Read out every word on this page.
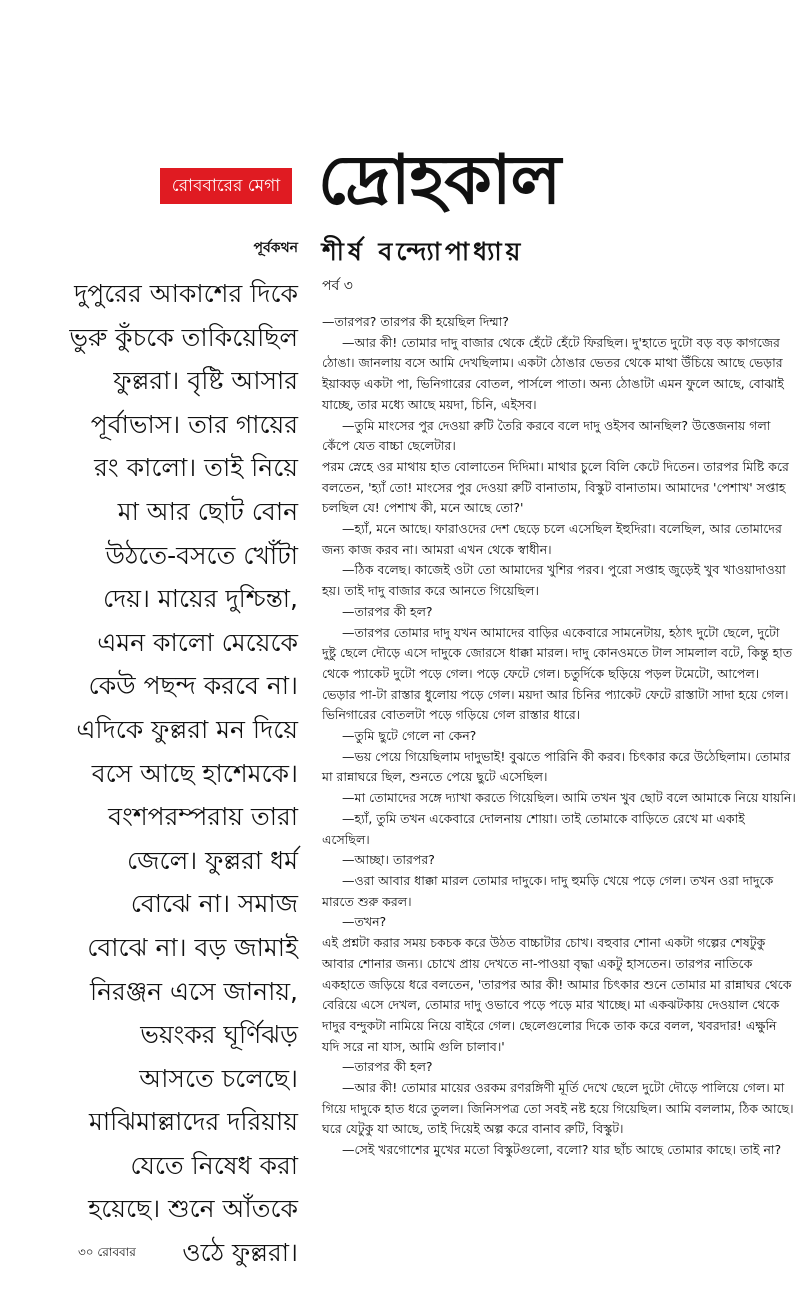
রোববারের মেগা দ্রোহকাল
শীর্ষ বন্দ্যোপাধ্যায়
পর্ব ৩
পূর্বকথন
দুপুরের আকাশের দিকে
ভুরু কুঁচকে তাকিয়েছিল
ফুল্লরা। বৃষ্টি আসার
পূর্বাভাস। তার গায়ের
রং কালো। তাই নিয়ে
মা আর ছোট বোন
উঠতে-বসতে খোঁটা
দেয়। মায়ের দুশ্চিন্তা,
এমন কালো মেয়েকে
কেউ পছন্দ করবে না।
এদিকে ফুল্লরা মন দিয়ে
বসে আছে হাশেমকে।
বংশপরম্পরায় তারা
জেলে। ফুল্লরা ধর্ম
বোঝে না। সমাজ
বোঝে না। বড় জামাই
নিরঞ্জন এসে জানায়,
ভয়ংকর ঘূর্ণিঝড়
আসতে চলেছে।
মাঝিমাল্লাদের দরিয়ায়
যেতে নিষেধ করা
হয়েছে। শুনে আঁতকে
ওঠে ফুল্লরা।
—তারপর? তারপর কী হয়েছিল দিম্মা?
—আর কী! তোমার দাদু বাজার থেকে হেঁটে হেঁটে ফিরছিল। দু'হাতে দুটো বড় বড় কাগজের ঠোঙা। জানলায় বসে আমি দেখছিলাম। একটা ঠোঙার ভেতর থেকে মাথা উঁচিয়ে আছে ভেড়ার ইয়াব্বড় একটা পা, ভিনিগারের বোতল, পার্সলে পাতা। অন্য ঠোঙাটা এমন ফুলে আছে, বোঝাই যাচ্ছে, তার মধ্যে আছে ময়দা, চিনি, এইসব।
—তুমি মাংসের পুর দেওয়া রুটি তৈরি করবে বলে দাদু ওইসব আনছিল? উত্তেজনায় গলা কেঁপে যেত বাচ্চা ছেলেটার।
পরম স্নেহে ওর মাথায় হাত বোলাতেন দিদিমা। মাথার চুলে বিলি কেটে দিতেন। তারপর মিষ্টি করে বলতেন, 'হ্যাঁ তো! মাংসের পুর দেওয়া রুটি বানাতাম, বিস্কুট বানাতাম। আমাদের 'পেশাখ' সপ্তাহ চলছিল যে! পেশাখ কী, মনে আছে তো?'
—হ্যাঁ, মনে আছে। ফারাওদের দেশ ছেড়ে চলে এসেছিল ইহুদিরা। বলেছিল, আর তোমাদের জন্য কাজ করব না। আমরা এখন থেকে স্বাধীন।
—ঠিক বলেছ। কাজেই ওটা তো আমাদের খুশির পরব। পুরো সপ্তাহ জুড়েই খুব খাওয়াদাওয়া হয়। তাই দাদু বাজার করে আনতে গিয়েছিল।
—তারপর কী হল?
—তারপর তোমার দাদু যখন আমাদের বাড়ির একেবারে সামনেটায়, হঠাৎ দুটো ছেলে, দুটো দুষ্টু ছেলে দৌড়ে এসে দাদুকে জোরসে ধাক্কা মারল। দাদু কোনওমতে টাল সামলাল বটে, কিন্তু হাত থেকে প্যাকেট দুটো পড়ে গেল। পড়ে ফেটে গেল। চতুর্দিকে ছড়িয়ে পড়ল টমেটো, আপেল। ভেড়ার পা-টা রাস্তার ধুলোয় পড়ে গেল। ময়দা আর চিনির প্যাকেট ফেটে রাস্তাটা সাদা হয়ে গেল। ভিনিগারের বোতলটা পড়ে গড়িয়ে গেল রাস্তার ধারে।
—তুমি ছুটে গেলে না কেন?
—ভয় পেয়ে গিয়েছিলাম দাদুভাই! বুঝতে পারিনি কী করব। চিৎকার করে উঠেছিলাম। তোমার মা রান্নাঘরে ছিল, শুনতে পেয়ে ছুটে এসেছিল।
—মা তোমাদের সঙ্গে দ্যাখা করতে গিয়েছিল। আমি তখন খুব ছোট বলে আমাকে নিয়ে যায়নি।
—হ্যাঁ, তুমি তখন একেবারে দোলনায় শোয়া। তাই তোমাকে বাড়িতে রেখে মা একাই এসেছিল।
—আচ্ছা। তারপর?
—ওরা আবার ধাক্কা মারল তোমার দাদুকে। দাদু হুমড়ি খেয়ে পড়ে গেল। তখন ওরা দাদুকে মারতে শুরু করল।
—তখন?
এই প্রশ্নটা করার সময় চকচক করে উঠত বাচ্চাটার চোখ। বহুবার শোনা একটা গল্পের শেষটুকু আবার শোনার জন্য। চোখে প্রায় দেখতে না-পাওয়া বৃদ্ধা একটু হাসতেন। তারপর নাতিকে একহাতে জড়িয়ে ধরে বলতেন, 'তারপর আর কী! আমার চিৎকার শুনে তোমার মা রান্নাঘর থেকে বেরিয়ে এসে দেখল, তোমার দাদু ওভাবে পড়ে পড়ে মার খাচ্ছে। মা একঝটকায় দেওয়াল থেকে দাদুর বন্দুকটা নামিয়ে নিয়ে বাইরে গেল। ছেলেগুলোর দিকে তাক করে বলল, খবরদার! এক্ষুনি যদি সরে না যাস, আমি গুলি চালাব।'
—তারপর কী হল?
—আর কী! তোমার মায়ের ওরকম রণরঙ্গিণী মূর্তি দেখে ছেলে দুটো দৌড়ে পালিয়ে গেল। মা গিয়ে দাদুকে হাত ধরে তুলল। জিনিসপত্র তো সবই নষ্ট হয়ে গিয়েছিল। আমি বললাম, ঠিক আছে। ঘরে যেটুকু যা আছে, তাই দিয়েই অল্প করে বানাব রুটি, বিস্কুট।
—সেই খরগোশের মুখের মতো বিস্কুটগুলো, বলো? যার ছাঁচ আছে তোমার কাছে। তাই না?
৩০ রোববার
